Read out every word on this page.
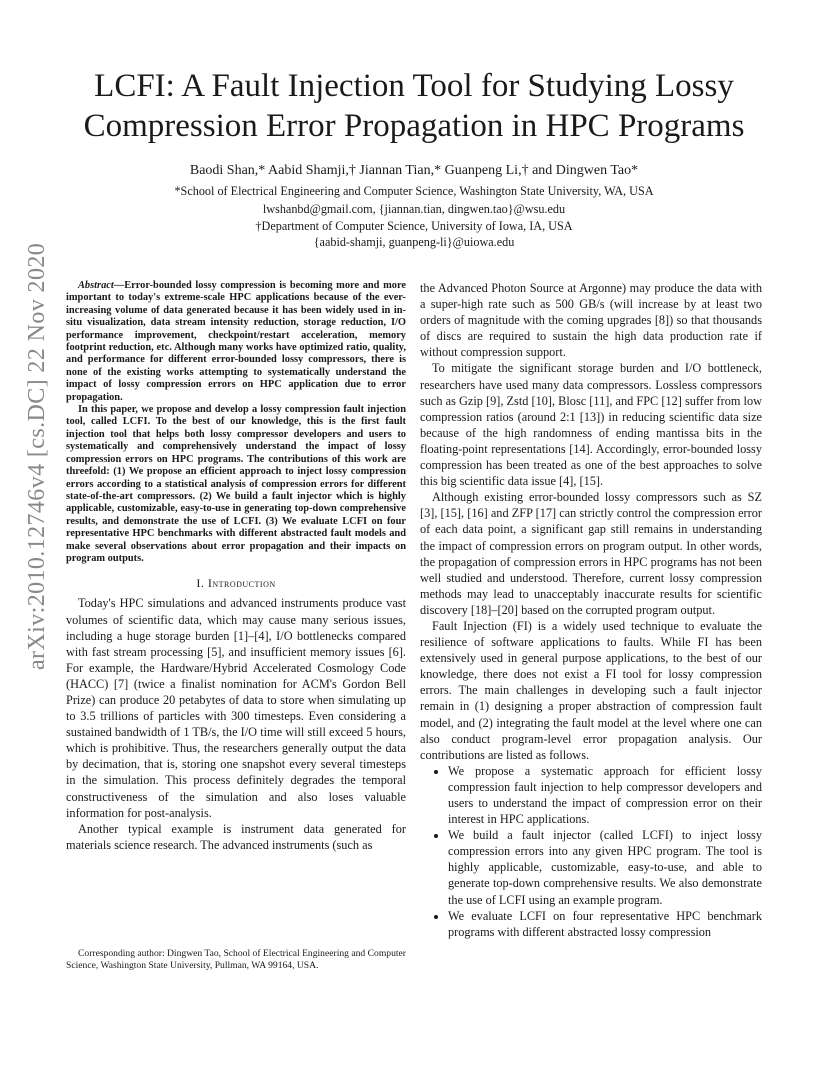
LCFI: A Fault Injection Tool for Studying Lossy Compression Error Propagation in HPC Programs
Baodi Shan,* Aabid Shamji,† Jiannan Tian,* Guanpeng Li,† and Dingwen Tao*
*School of Electrical Engineering and Computer Science, Washington State University, WA, USA
lwshanbd@gmail.com, {jiannan.tian, dingwen.tao}@wsu.edu
†Department of Computer Science, University of Iowa, IA, USA
{aabid-shamji, guanpeng-li}@uiowa.edu
arXiv:2010.12746v4 [cs.DC] 22 Nov 2020	Abstract—Error-bounded lossy compression is becoming more and more important to today's extreme-scale HPC applications because of the ever-increasing volume of data generated because it has been widely used in in-situ visualization, data stream intensity reduction, storage reduction, I/O performance improvement, checkpoint/restart acceleration, memory footprint reduction, etc. Although many works have optimized ratio, quality, and performance for different error-bounded lossy compressors, there is none of the existing works attempting to systematically understand the impact of lossy compression errors on HPC application due to error propagation.

In this paper, we propose and develop a lossy compression fault injection tool, called LCFI. To the best of our knowledge, this is the first fault injection tool that helps both lossy compressor developers and users to systematically and comprehensively understand the impact of lossy compression errors on HPC programs. The contributions of this work are threefold: (1) We propose an efficient approach to inject lossy compression errors according to a statistical analysis of compression errors for different state-of-the-art compressors. (2) We build a fault injector which is highly applicable, customizable, easy-to-use in generating top-down comprehensive results, and demonstrate the use of LCFI. (3) We evaluate LCFI on four representative HPC benchmarks with different abstracted fault models and make several observations about error propagation and their impacts on program outputs.

I. Introduction

Today's HPC simulations and advanced instruments produce vast volumes of scientific data, which may cause many serious issues, including a huge storage burden [1]–[4], I/O bottlenecks compared with fast stream processing [5], and insufficient memory issues [6]. For example, the Hardware/Hybrid Accelerated Cosmology Code (HACC) [7] (twice a finalist nomination for ACM's Gordon Bell Prize) can produce 20 petabytes of data to store when simulating up to 3.5 trillions of particles with 300 timesteps. Even considering a sustained bandwidth of 1 TB/s, the I/O time will still exceed 5 hours, which is prohibitive. Thus, the researchers generally output the data by decimation, that is, storing one snapshot every several timesteps in the simulation. This process definitely degrades the temporal constructiveness of the simulation and also loses valuable information for post-analysis.

Another typical example is instrument data generated for materials science research. The advanced instruments (such as

Corresponding author: Dingwen Tao, School of Electrical Engineering and Computer Science, Washington State University, Pullman, WA 99164, USA.

the Advanced Photon Source at Argonne) may produce the data with a super-high rate such as 500 GB/s (will increase by at least two orders of magnitude with the coming upgrades [8]) so that thousands of discs are required to sustain the high data production rate if without compression support.

To mitigate the significant storage burden and I/O bottleneck, researchers have used many data compressors. Lossless compressors such as Gzip [9], Zstd [10], Blosc [11], and FPC [12] suffer from low compression ratios (around 2:1 [13]) in reducing scientific data size because of the high randomness of ending mantissa bits in the floating-point representations [14]. Accordingly, error-bounded lossy compression has been treated as one of the best approaches to solve this big scientific data issue [4], [15].

Although existing error-bounded lossy compressors such as SZ [3], [15], [16] and ZFP [17] can strictly control the compression error of each data point, a significant gap still remains in understanding the impact of compression errors on program output. In other words, the propagation of compression errors in HPC programs has not been well studied and understood. Therefore, current lossy compression methods may lead to unacceptably inaccurate results for scientific discovery [18]–[20] based on the corrupted program output.

Fault Injection (FI) is a widely used technique to evaluate the resilience of software applications to faults. While FI has been extensively used in general purpose applications, to the best of our knowledge, there does not exist a FI tool for lossy compression errors. The main challenges in developing such a fault injector remain in (1) designing a proper abstraction of compression fault model, and (2) integrating the fault model at the level where one can also conduct program-level error propagation analysis. Our contributions are listed as follows.

• We propose a systematic approach for efficient lossy compression fault injection to help compressor developers and users to understand the impact of compression error on their interest in HPC applications.
• We build a fault injector (called LCFI) to inject lossy compression errors into any given HPC program. The tool is highly applicable, customizable, easy-to-use, and able to generate top-down comprehensive results. We also demonstrate the use of LCFI using an example program.
• We evaluate LCFI on four representative HPC benchmark programs with different abstracted lossy compression
